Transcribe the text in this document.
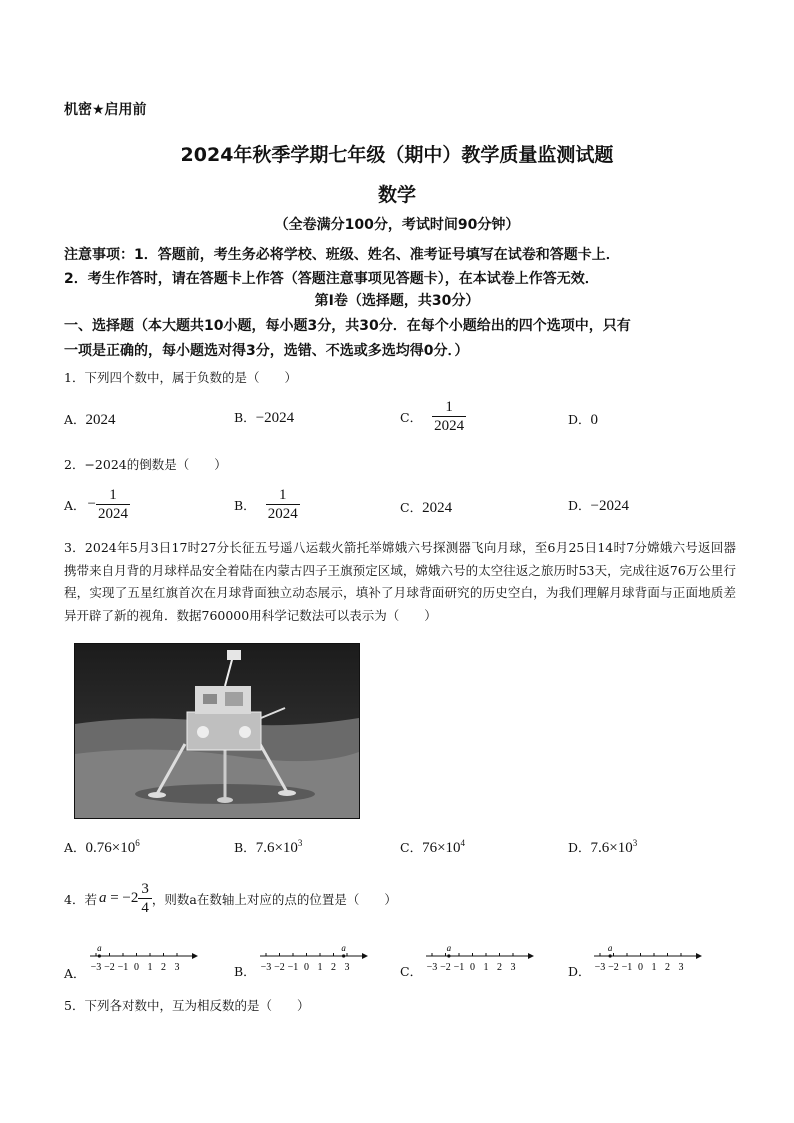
机密★启用前
2024年秋季学期七年级（期中）教学质量监测试题
数学
（全卷满分100分，考试时间90分钟）
注意事项：1．答题前，考生务必将学校、班级、姓名、准考证号填写在试卷和答题卡上．
2．考生作答时，请在答题卡上作答（答题注意事项见答题卡），在本试卷上作答无效．
第Ⅰ卷（选择题，共30分）
一、选择题（本大题共10小题，每小题3分，共30分．在每个小题给出的四个选项中，只有
一项是正确的，每小题选对得3分，选错、不选或多选均得0分．）
1．下列四个数中，属于负数的是（　　）
A．2024	B．−2024	C． $\frac{1}{2024}$	D．0
2．−2024的倒数是（　　）
A． − $\frac{1}{2024}$	B． $\frac{1}{2024}$	C．2024	D．−2024
3．2024年5月3日17时27分长征五号遥八运载火箭托举嫦娥六号探测器飞向月球，至6月25日14时7分嫦娥六号返回器携带来自月背的月球样品安全着陆在内蒙古四子王旗预定区域，嫦娥六号的太空往返之旅历时53天，完成往返76万公里行程，实现了五星红旗首次在月球背面独立动态展示，填补了月球背面研究的历史空白，为我们理解月球背面与正面地质差异开辟了新的视角．数据760000用科学记数法可以表示为（　　）
A．$0.76\times 10^6$	B．$7.6\times 10^3$	C．$76\times 10^4$	D．$7.6\times 10^3$
4．若 $a = -2 \frac{3}{4}$ ，则数a在数轴上对应的点的位置是（　　）
A．	B．	C．	D．
−3 −2 −1 0 1 2 3
a
−3 −2 −1 0 1 2 3
a
−3 −2 −1 0 1 2 3
a
−3 −2 −1 0 1 2 3
a
5．下列各对数中，互为相反数的是（　　）
